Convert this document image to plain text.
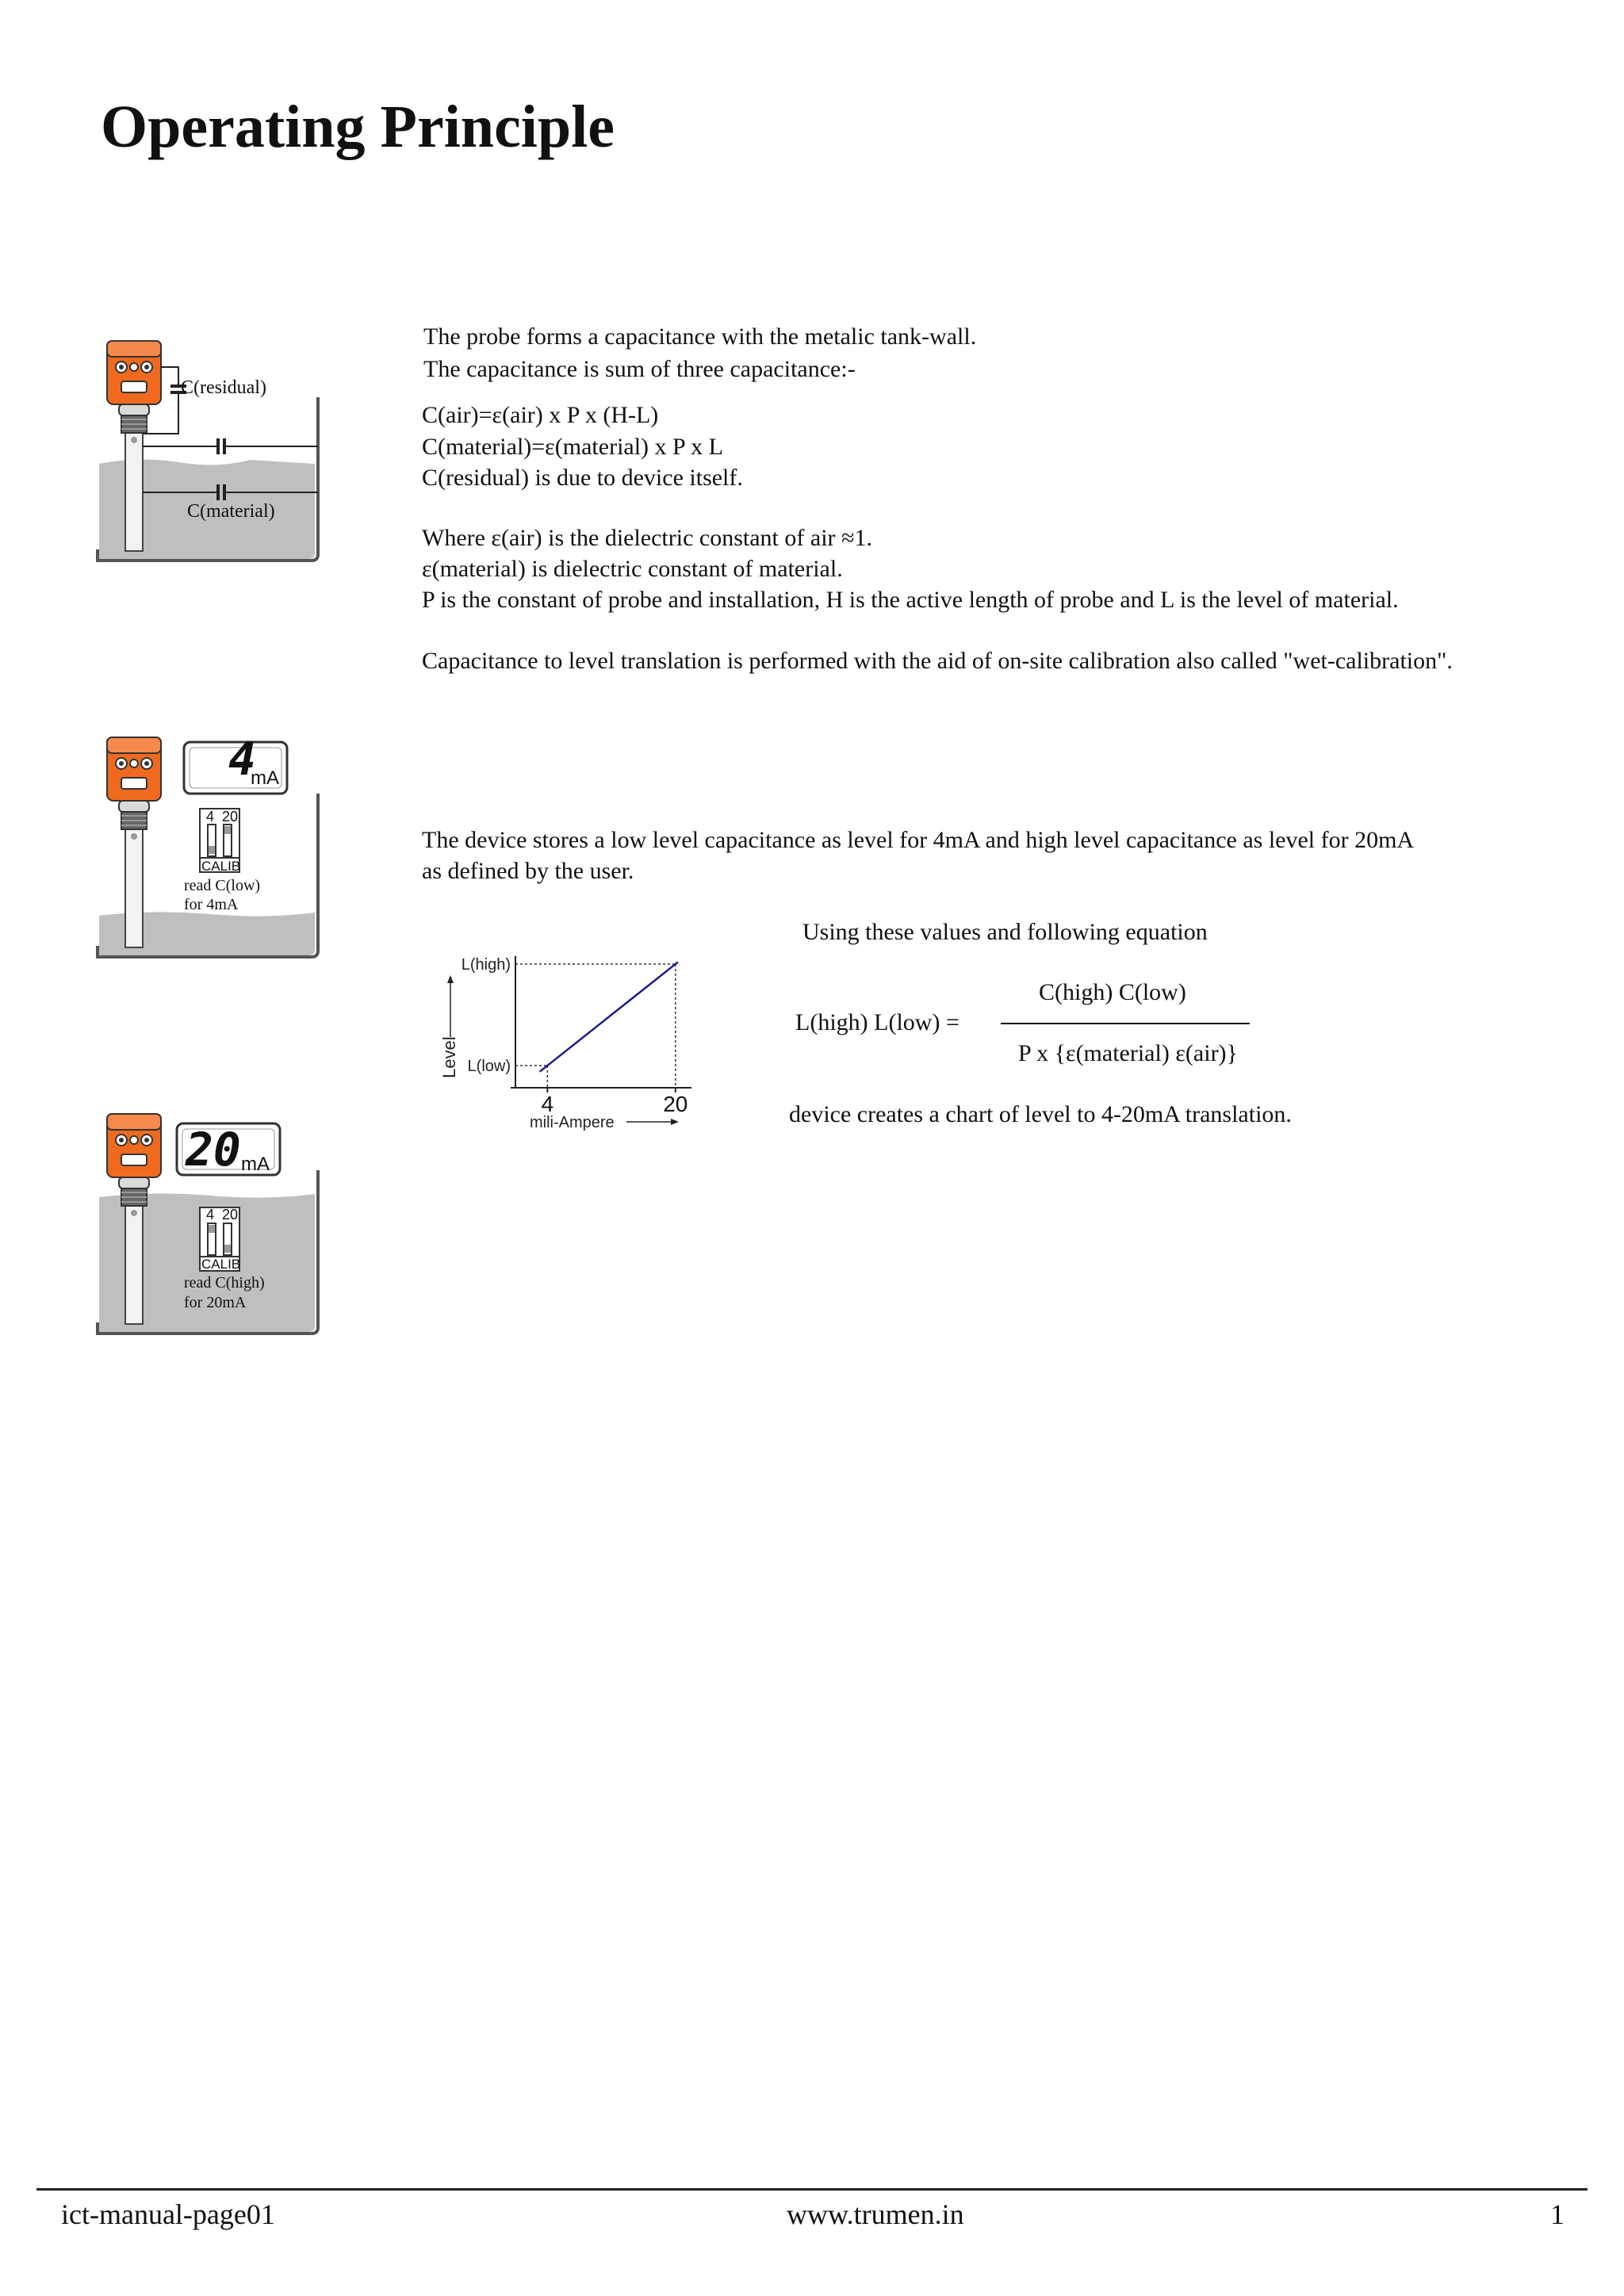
Operating Principle
C(residual)
C(material)
The probe forms a capacitance with the metalic tank-wall.
The capacitance is sum of three capacitance:-
C(air)=ε(air) x P x (H-L)
C(material)=ε(material) x P x L
C(residual) is due to device itself.
Where ε(air) is the dielectric constant of air ≈1.
ε(material) is dielectric constant of material.
P is the constant of probe and installation, H is the active length of probe and L is the level of material.
Capacitance to level translation is performed with the aid of on-site calibration also called "wet-calibration".
4
mA
4 20
CALIB
read C(low)
for 4mA
20 mA
4 20
CALIB
read C(high)
for 20mA
The device stores a low level capacitance as level for 4mA and high level capacitance as level for 20mA
as defined by the user.
Level
mili-Ampere
L(low)
L(high)
4	20
Using these values and following equation
L(high) L(low) =
C(high) C(low)
P x {ε(material) ε(air)}
device creates a chart of level to 4-20mA translation.
ict-manual-page01	www.trumen.in	1
